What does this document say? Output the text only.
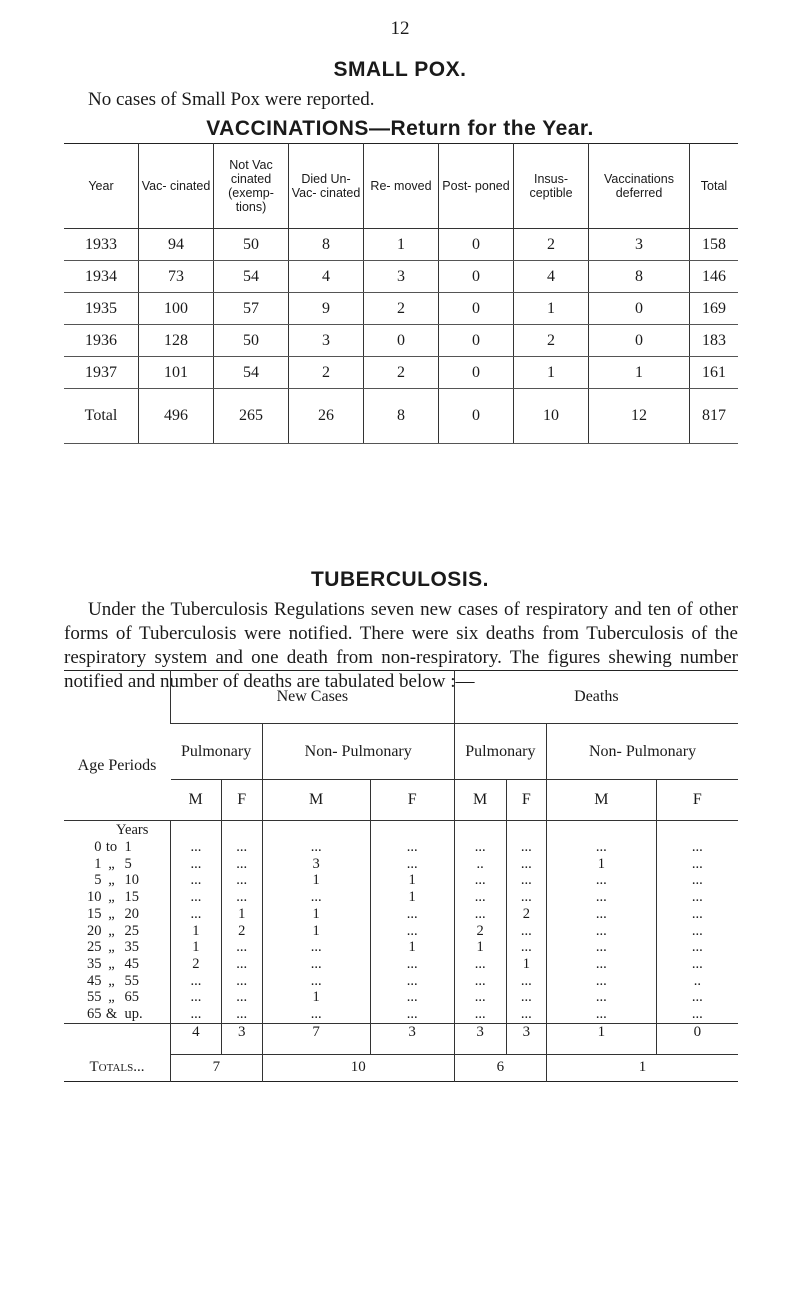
12
SMALL POX.
No cases of Small Pox were reported.
VACCINATIONS—Return for the Year.
Year	Vac- cinated	Not Vac cinated (exemp- tions)	Died Un-Vac- cinated	Re- moved	Post- poned	Insus- ceptible	Vaccinations deferred	Total
1933	94	50	8	1	0	2	3	158
1934	73	54	4	3	0	4	8	146
1935	100	57	9	2	0	1	0	169
1936	128	50	3	0	0	2	0	183
1937	101	54	2	2	0	1	1	161
Total	496	265	26	8	0	10	12	817
TUBERCULOSIS.
Under the Tuberculosis Regulations seven new cases of respiratory and ten of other forms of Tuberculosis were notified. There were six deaths from Tuberculosis of the respiratory system and one death from non-respiratory. The figures shewing number notified and number of deaths are tabulated below :—
Age Periods	New Cases				Deaths			
	Pulmonary		Non- Pulmonary		Pulmonary		Non- Pulmonary	
	M	F	M	F	M	F	M	F
Years								
0 to 1	...	...	...	...	...	...	...	...
1 „ 5	...	...	3	...	..	...	1	...
5 „ 10	...	...	1	1	...	...	...	...
10 „ 15	...	...	...	1	...	...	...	...
15 „ 20	...	1	1	...	...	2	...	...
20 „ 25	1	2	1	...	2	...	...	...
25 „ 35	1	...	...	1	1	...	...	...
35 „ 45	2	...	...	...	...	1	...	...
45 „ 55	...	...	...	...	...	...	...	..
55 „ 65	...	...	1	...	...	...	...	...
65 & up.	...	...	...	...	...	...	...	...
	4	3	7	3	3	3	1	0
Totals...	7		10		6		1	
